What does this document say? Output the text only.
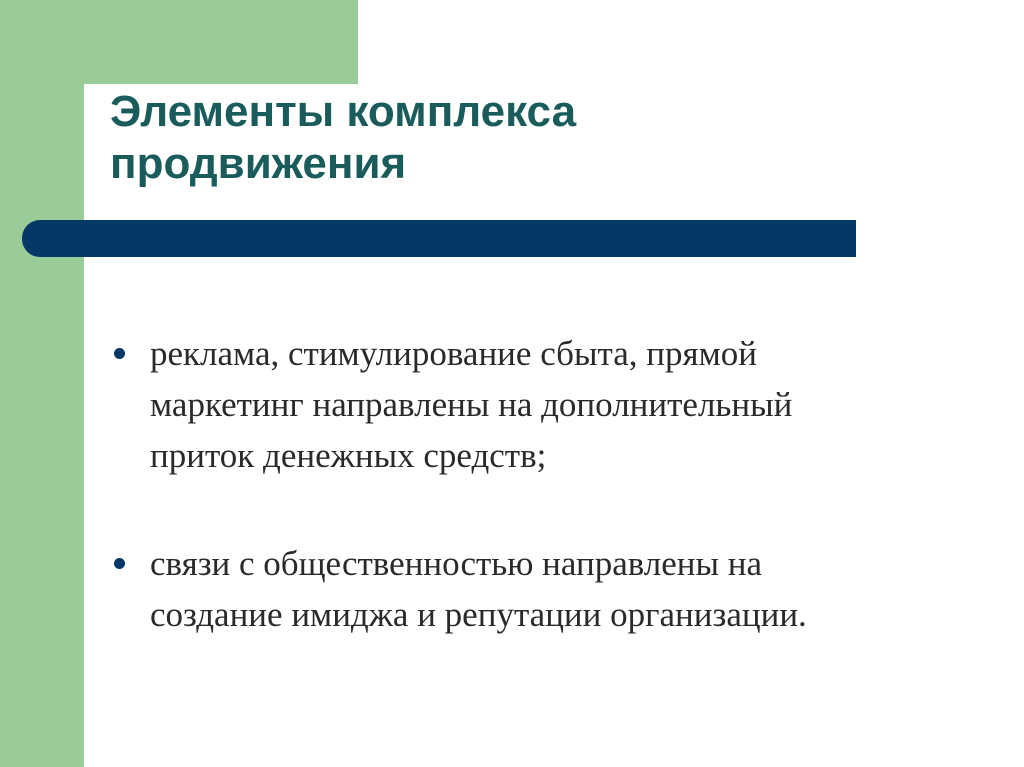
Элементы комплекса
продвижения
реклама, стимулирование сбыта, прямой
маркетинг направлены на дополнительный
приток денежных средств;
связи с общественностью направлены на
создание имиджа и репутации организации.
